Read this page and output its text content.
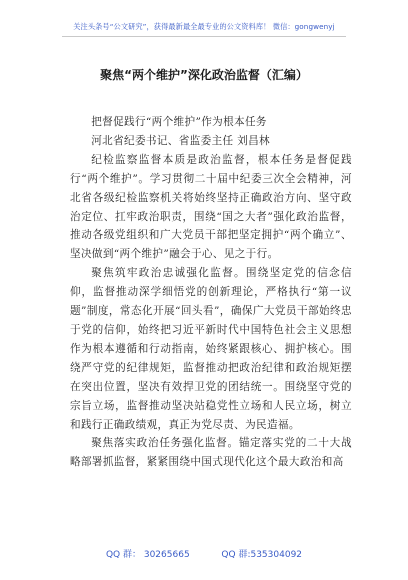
关注头条号“公文研究”，获得最新最全最专业的公文资料库！ 微信：gongwenyj
聚焦“两个维护”深化政治监督（汇编）

把督促践行“两个维护”作为根本任务

河北省纪委书记、省监委主任 刘昌林

纪检监察监督本质是政治监督，根本任务是督促践行“两个维护”。学习贯彻二十届中纪委三次全会精神，河北省各级纪检监察机关将始终坚持正确政治方向、坚守政治定位、扛牢政治职责，围绕“国之大者”强化政治监督，推动各级党组织和广大党员干部把坚定拥护“两个确立”、坚决做到“两个维护”融会于心、见之于行。

聚焦筑牢政治忠诚强化监督。围绕坚定党的信念信仰，监督推动深学细悟党的创新理论，严格执行“第一议题”制度，常态化开展“回头看”，确保广大党员干部始终忠于党的信仰，始终把习近平新时代中国特色社会主义思想作为根本遵循和行动指南，始终紧跟核心、拥护核心。围绕严守党的纪律规矩，监督推动把政治纪律和政治规矩摆在突出位置，坚决有效捍卫党的团结统一。围绕坚守党的宗旨立场，监督推动坚决站稳党性立场和人民立场，树立和践行正确政绩观，真正为党尽责、为民造福。

聚焦落实政治任务强化监督。锚定落实党的二十大战略部署抓监督，紧紧围绕中国式现代化这个最大政治和高

QQ 群： 30265665	QQ 群:535304092
